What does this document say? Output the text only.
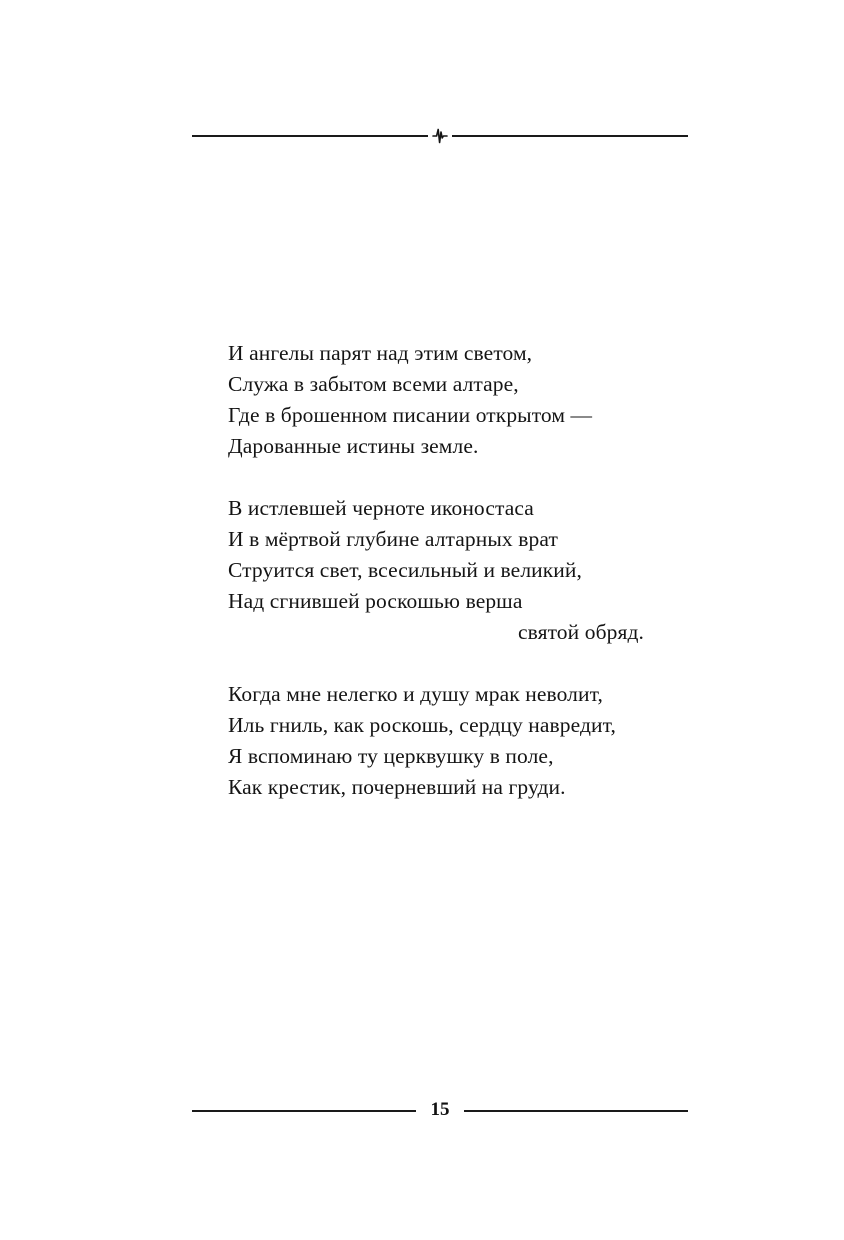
И ангелы парят над этим светом,
Служа в забытом всеми алтаре,
Где в брошенном писании открытом —
Дарованные истины земле.
В истлевшей черноте иконостаса
И в мёртвой глубине алтарных врат
Струится свет, всесильный и великий,
Над сгнившей роскошью верша
святой обряд.
Когда мне нелегко и душу мрак неволит,
Иль гниль, как роскошь, сердцу навредит,
Я вспоминаю ту церквушку в поле,
Как крестик, почерневший на груди.
15
